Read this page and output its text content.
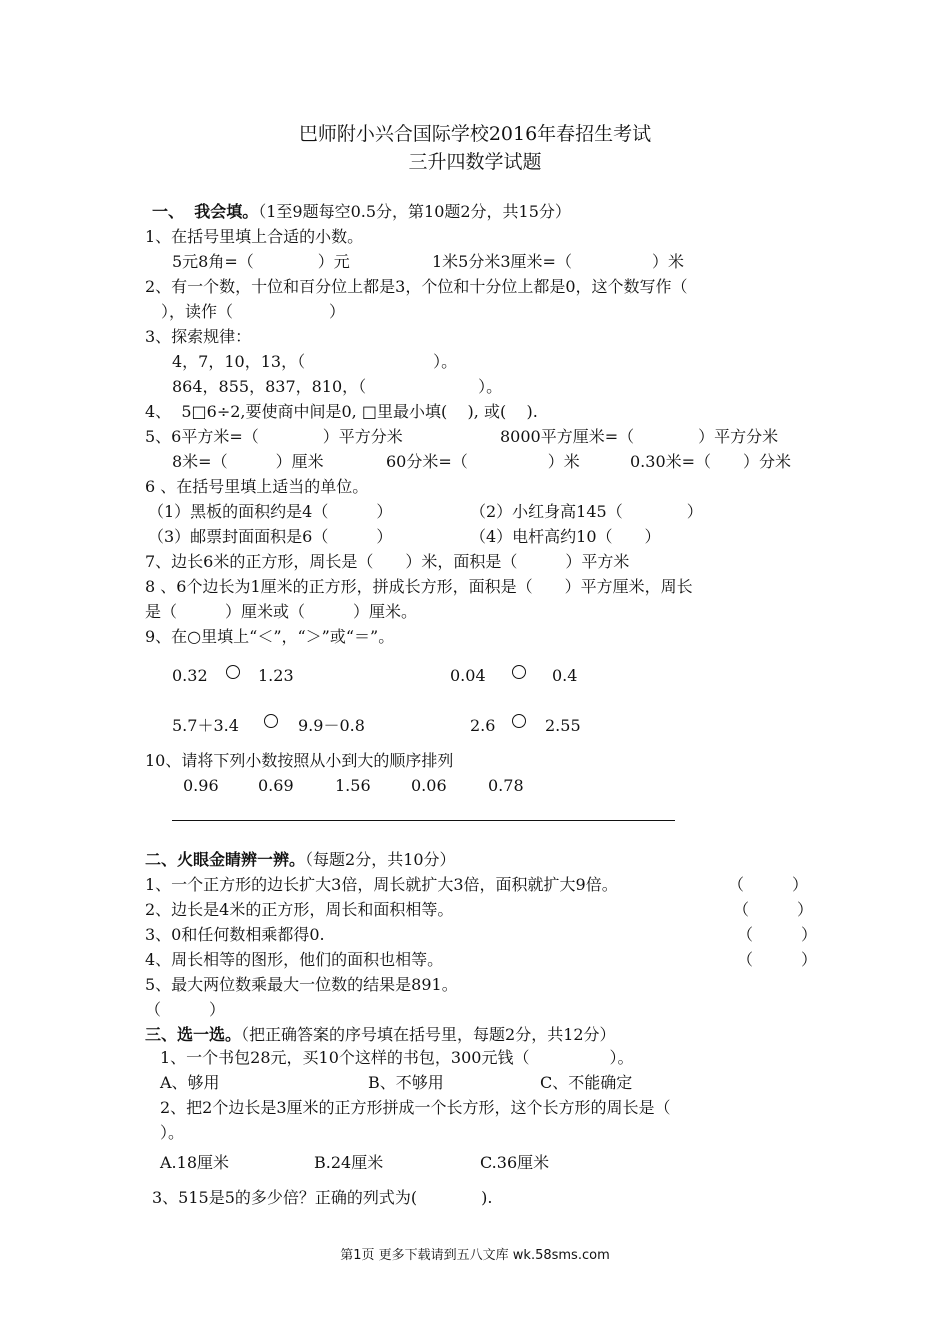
巴师附小兴合国际学校2016年春招生考试
三升四数学试题
一、 我会填。（1至9题每空0.5分，第10题2分，共15分）
1、在括号里填上合适的小数。
5元8角=（　　　　）元	1米5分米3厘米=（　　　　　）米
2、有一个数，十位和百分位上都是3，个位和十分位上都是0，这个数写作（
　），读作（　　　　　　）
3、探索规律：
4，7，10，13，（　　　　　　　　）。
864，855，837，810，（　　　　　　　）。
4、  5□6÷2,要使商中间是0, □里最小填(    ), 或(    ).
5、6平方米=（　　　　）平方分米	8000平方厘米=（　　　　）平方分米
8米=（　　　）厘米	60分米=（　　　　　）米	0.30米=（　　）分米
6 、在括号里填上适当的单位。
（1）黑板的面积约是4（　　　）	（2）小红身高145（　　　　）
（3）邮票封面面积是6（　　　）	（4）电杆高约10（　　）
7、边长6米的正方形，周长是（　　）米，面积是（　　　）平方米
8 、6个边长为1厘米的正方形，拼成长方形，面积是（　　）平方厘米，周长
是（　　　）厘米或（　　　）厘米。
9、在○里填上“＜”，“＞”或“＝”。
0.32	1.23	0.04	0.4
5.7＋3.4	9.9－0.8	2.6	2.55
10、请将下列小数按照从小到大的顺序排列
0.96 0.69	1.56	0.06	0.78
二、火眼金睛辨一辨。（每题2分，共10分）
1、一个正方形的边长扩大3倍，周长就扩大3倍，面积就扩大9倍。	（　　　）
2、边长是4米的正方形，周长和面积相等。	（　　　）
3、0和任何数相乘都得0.	（　　　）
4、周长相等的图形，他们的面积也相等。	（　　　）
5、最大两位数乘最大一位数的结果是891。
（　　　）
三、选一选。（把正确答案的序号填在括号里，每题2分，共12分）
1、一个书包28元，买10个这样的书包，300元钱（　　　　　）。
A、够用	B、不够用	C、不能确定
2、把2个边长是3厘米的正方形拼成一个长方形，这个长方形的周长是（
）。
A.18厘米	B.24厘米	C.36厘米
3、515是5的多少倍？正确的列式为(　　　　).
第1页 更多下载请到五八文库 wk.58sms.com
